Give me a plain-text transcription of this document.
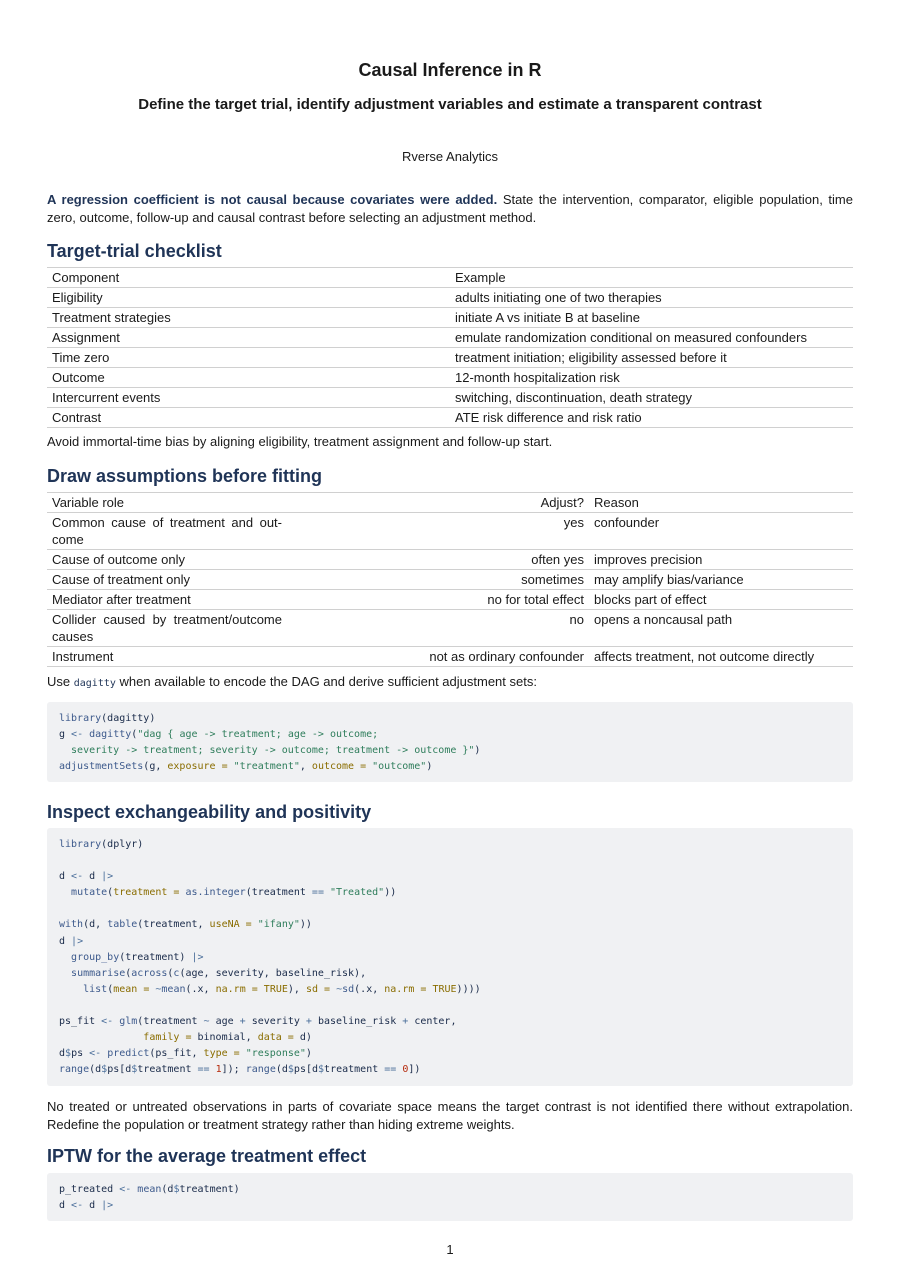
Causal Inference in R
Define the target trial, identify adjustment variables and estimate a transparent contrast
Rverse Analytics

A regression coefficient is not causal because covariates were added. State the intervention, comparator, eligible population, time zero, outcome, follow-up and causal contrast before selecting an adjustment method.

Target-trial checklist
Component	Example
Eligibility	adults initiating one of two therapies
Treatment strategies	initiate A vs initiate B at baseline
Assignment	emulate randomization conditional on measured confounders
Time zero	treatment initiation; eligibility assessed before it
Outcome	12-month hospitalization risk
Intercurrent events	switching, discontinuation, death strategy
Contrast	ATE risk difference and risk ratio

Avoid immortal-time bias by aligning eligibility, treatment assignment and follow-up start.

Draw assumptions before fitting
Variable role	Adjust?	Reason
Common cause of treatment and out-come	yes	confounder
Cause of outcome only	often yes	improves precision
Cause of treatment only	sometimes	may amplify bias/variance
Mediator after treatment	no for total effect	blocks part of effect
Collider caused by treatment/outcome causes	no	opens a noncausal path
Instrument	not as ordinary confounder	affects treatment, not outcome directly

Use dagitty when available to encode the DAG and derive sufficient adjustment sets:

library(dagitty)
g <- dagitty("dag { age -> treatment; age -> outcome;
severity -> treatment; severity -> outcome; treatment -> outcome }")
adjustmentSets(g, exposure = "treatment", outcome = "outcome")
Inspect exchangeability and positivity
library(dplyr)

d <- d |>
mutate(treatment = as.integer(treatment == "Treated"))

with(d, table(treatment, useNA = "ifany"))
d |>
group_by(treatment) |>
summarise(across(c(age, severity, baseline_risk),
list(mean = ~mean(.x, na.rm = TRUE), sd = ~sd(.x, na.rm = TRUE))))

ps_fit <- glm(treatment ~ age + severity + baseline_risk + center,
family = binomial, data = d)
d$ps <- predict(ps_fit, type = "response")
range(d$ps[d$treatment == 1]); range(d$ps[d$treatment == 0])

No treated or untreated observations in parts of covariate space means the target contrast is not identified there without extrapolation. Redefine the population or treatment strategy rather than hiding extreme weights.

IPTW for the average treatment effect
p_treated <- mean(d$treatment)
d <- d |>
1
